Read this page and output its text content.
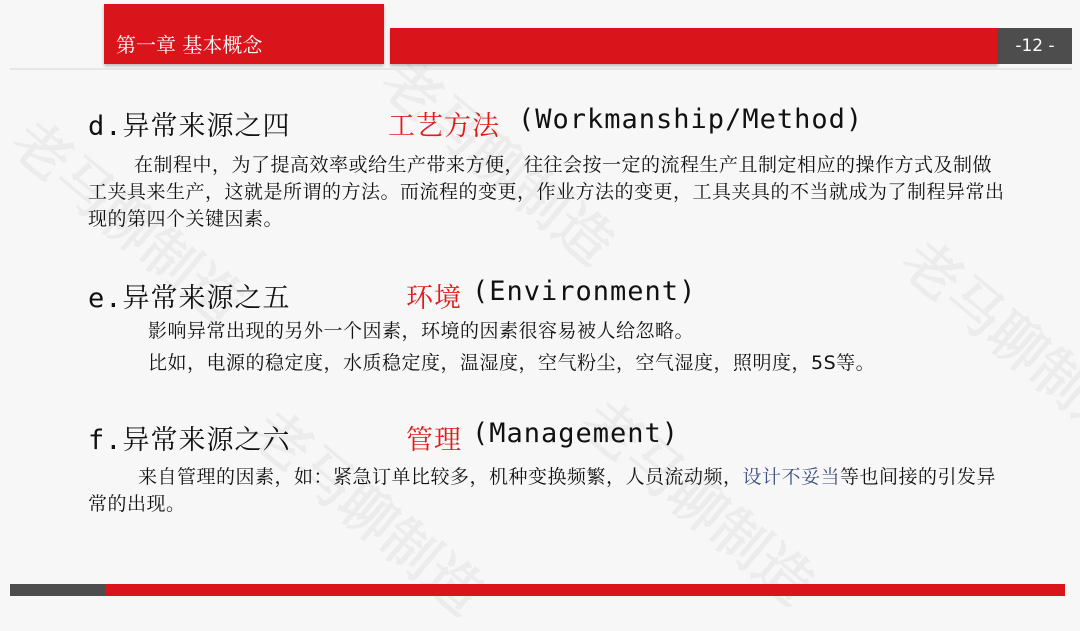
第一章 基本概念	-12 -
d.异常来源之四	工艺方法 (Workmanship/Method)
在制程中，为了提高效率或给生产带来方便，往往会按一定的流程生产且制定相应的操作方式及制做工夹具来生产，这就是所谓的方法。而流程的变更，作业方法的变更，工具夹具的不当就成为了制程异常出现的第四个关键因素。
e.异常来源之五	环境 (Environment)
影响异常出现的另外一个因素，环境的因素很容易被人给忽略。
比如，电源的稳定度，水质稳定度，温湿度，空气粉尘，空气湿度，照明度，5S等。
f.异常来源之六	管理 (Management)
来自管理的因素，如：紧急订单比较多，机种变换频繁，人员流动频，设计不妥当等也间接的引发异常的出现。
